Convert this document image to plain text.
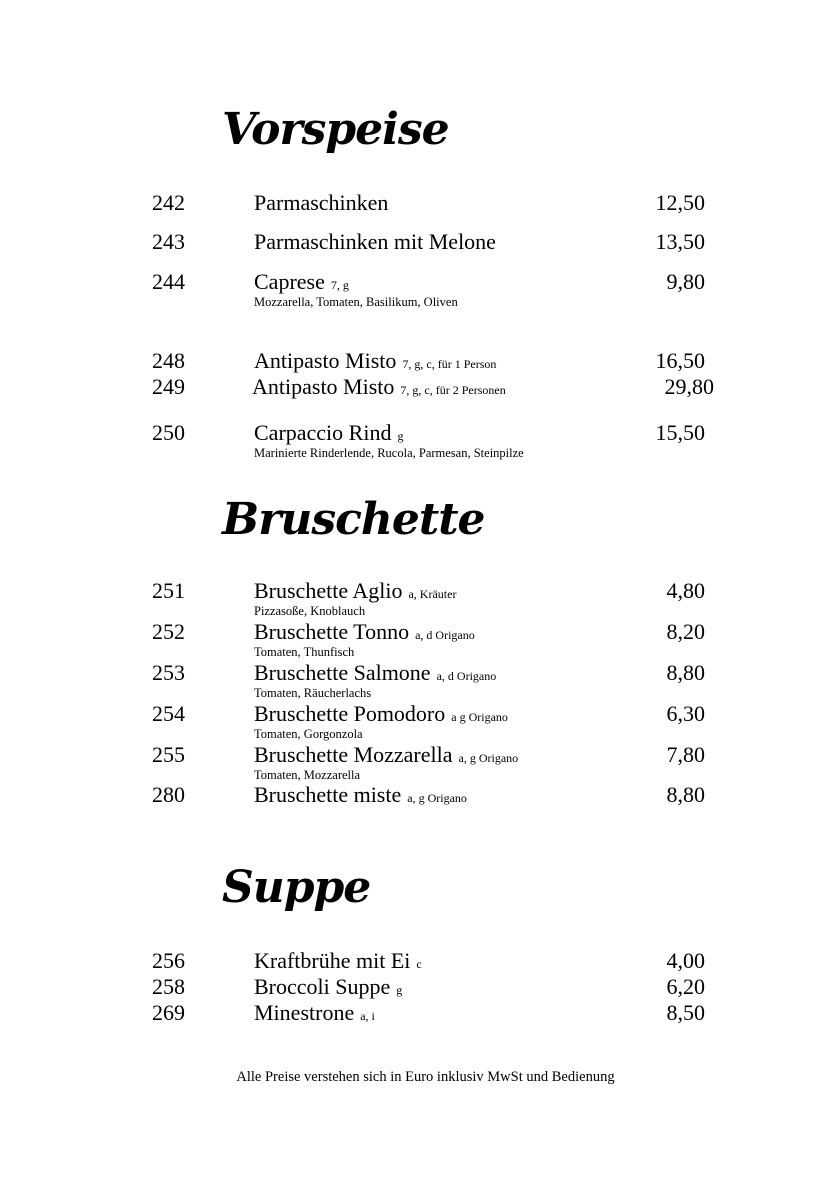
Vorspeise
242	Parmaschinken	12,50
243	Parmaschinken mit Melone	13,50
244	Caprese 7, g	9,80
Mozzarella, Tomaten, Basilikum, Oliven
248	Antipasto Misto 7, g, c, für 1 Person	16,50
249	Antipasto Misto 7, g, c, für 2 Personen	29,80
250	Carpaccio Rind g	15,50
Marinierte Rinderlende, Rucola, Parmesan, Steinpilze
Bruschette
251	Bruschette Aglio a, Kräuter	4,80
Pizzasoße, Knoblauch
252	Bruschette Tonno a, d Origano	8,20
Tomaten, Thunfisch
253	Bruschette Salmone a, d Origano	8,80
Tomaten, Räucherlachs
254	Bruschette Pomodoro a g Origano	6,30
Tomaten, Gorgonzola
255	Bruschette Mozzarella a, g Origano	7,80
Tomaten, Mozzarella
280	Bruschette miste a, g Origano	8,80
Suppe
256	Kraftbrühe mit Ei c	4,00
258	Broccoli Suppe g	6,20
269	Minestrone a, i	8,50
Alle Preise verstehen sich in Euro inklusiv MwSt und Bedienung
